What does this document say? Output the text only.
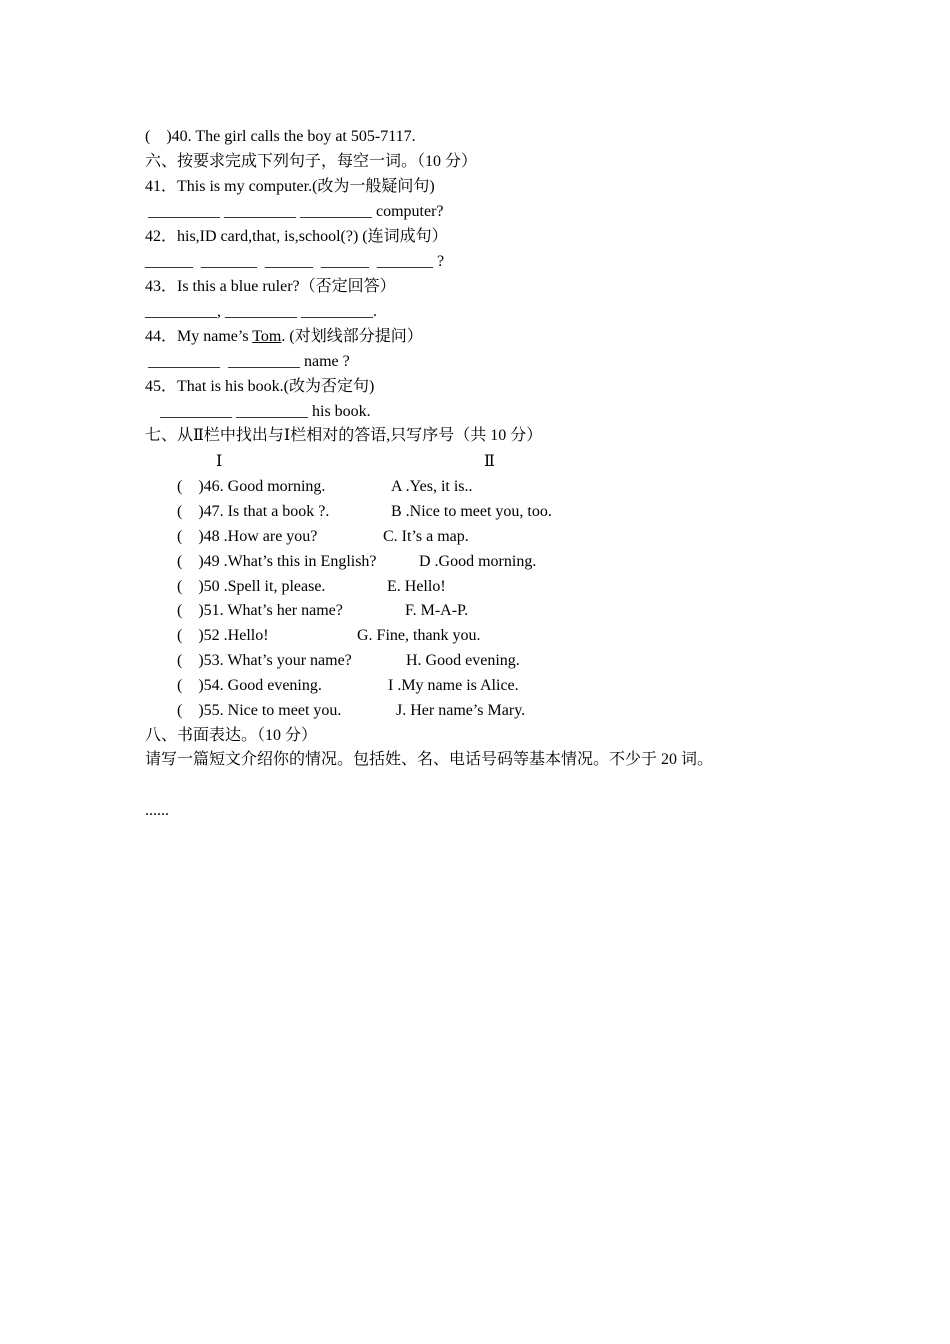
(    )40. The girl calls the boy at 505-7117.
六、按要求完成下列句子，每空一词。（10 分）
41．This is my computer.(改为一般疑问句)
_________ _________ _________ computer?
42．his,ID card,that, is,school(?) (连词成句）
______  _______  ______  ______  _______ ?
43．Is this a blue ruler?（否定回答）
_________, _________ _________.
44．My name’s Tom. (对划线部分提问）
_________  _________ name ?
45．That is his book.(改为否定句)
_________ _________ his book.
七、从Ⅱ栏中找出与Ⅰ栏相对的答语,只写序号（共 10 分）
Ⅰ	Ⅱ
(    )46. Good morning.	A .Yes, it is..
(    )47. Is that a book ?.	B .Nice to meet you, too.
(    )48 .How are you?	C. It’s a map.
(    )49 .What’s this in English?	D .Good morning.
(    )50 .Spell it, please.	E. Hello!
(    )51. What’s her name?	F. M-A-P.
(    )52 .Hello!	G. Fine, thank you.
(    )53. What’s your name?	H. Good evening.
(    )54. Good evening.	I .My name is Alice.
(    )55. Nice to meet you.	J. Her name’s Mary.
八、书面表达。（10 分）
请写一篇短文介绍你的情况。包括姓、名、电话号码等基本情况。不少于 20 词。
......
